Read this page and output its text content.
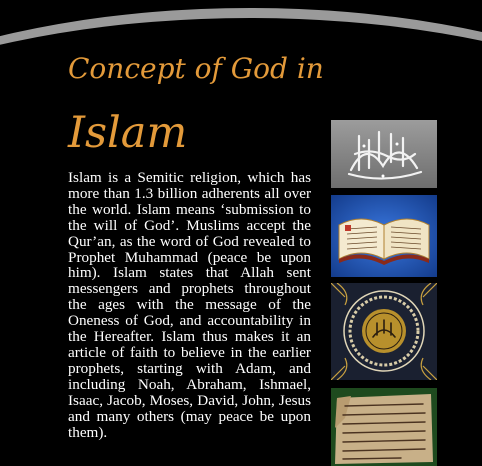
Concept of God in
Islam

Islam is a Semitic religion, which has more than 1.3 billion adherents all over the world. Islam means ‘submission to the will of God’. Muslims accept the Qur’an, as the word of God revealed to Prophet Muhammad (peace be upon him). Islam states that Allah sent messengers and prophets throughout the ages with the message of the Oneness of God, and accountability in the Hereafter. Islam thus makes it an article of faith to believe in the earlier prophets, starting with Adam, and including Noah, Abraham, Ishmael, Isaac, Jacob, Moses, David, John, Jesus and many others (may peace be upon them).
